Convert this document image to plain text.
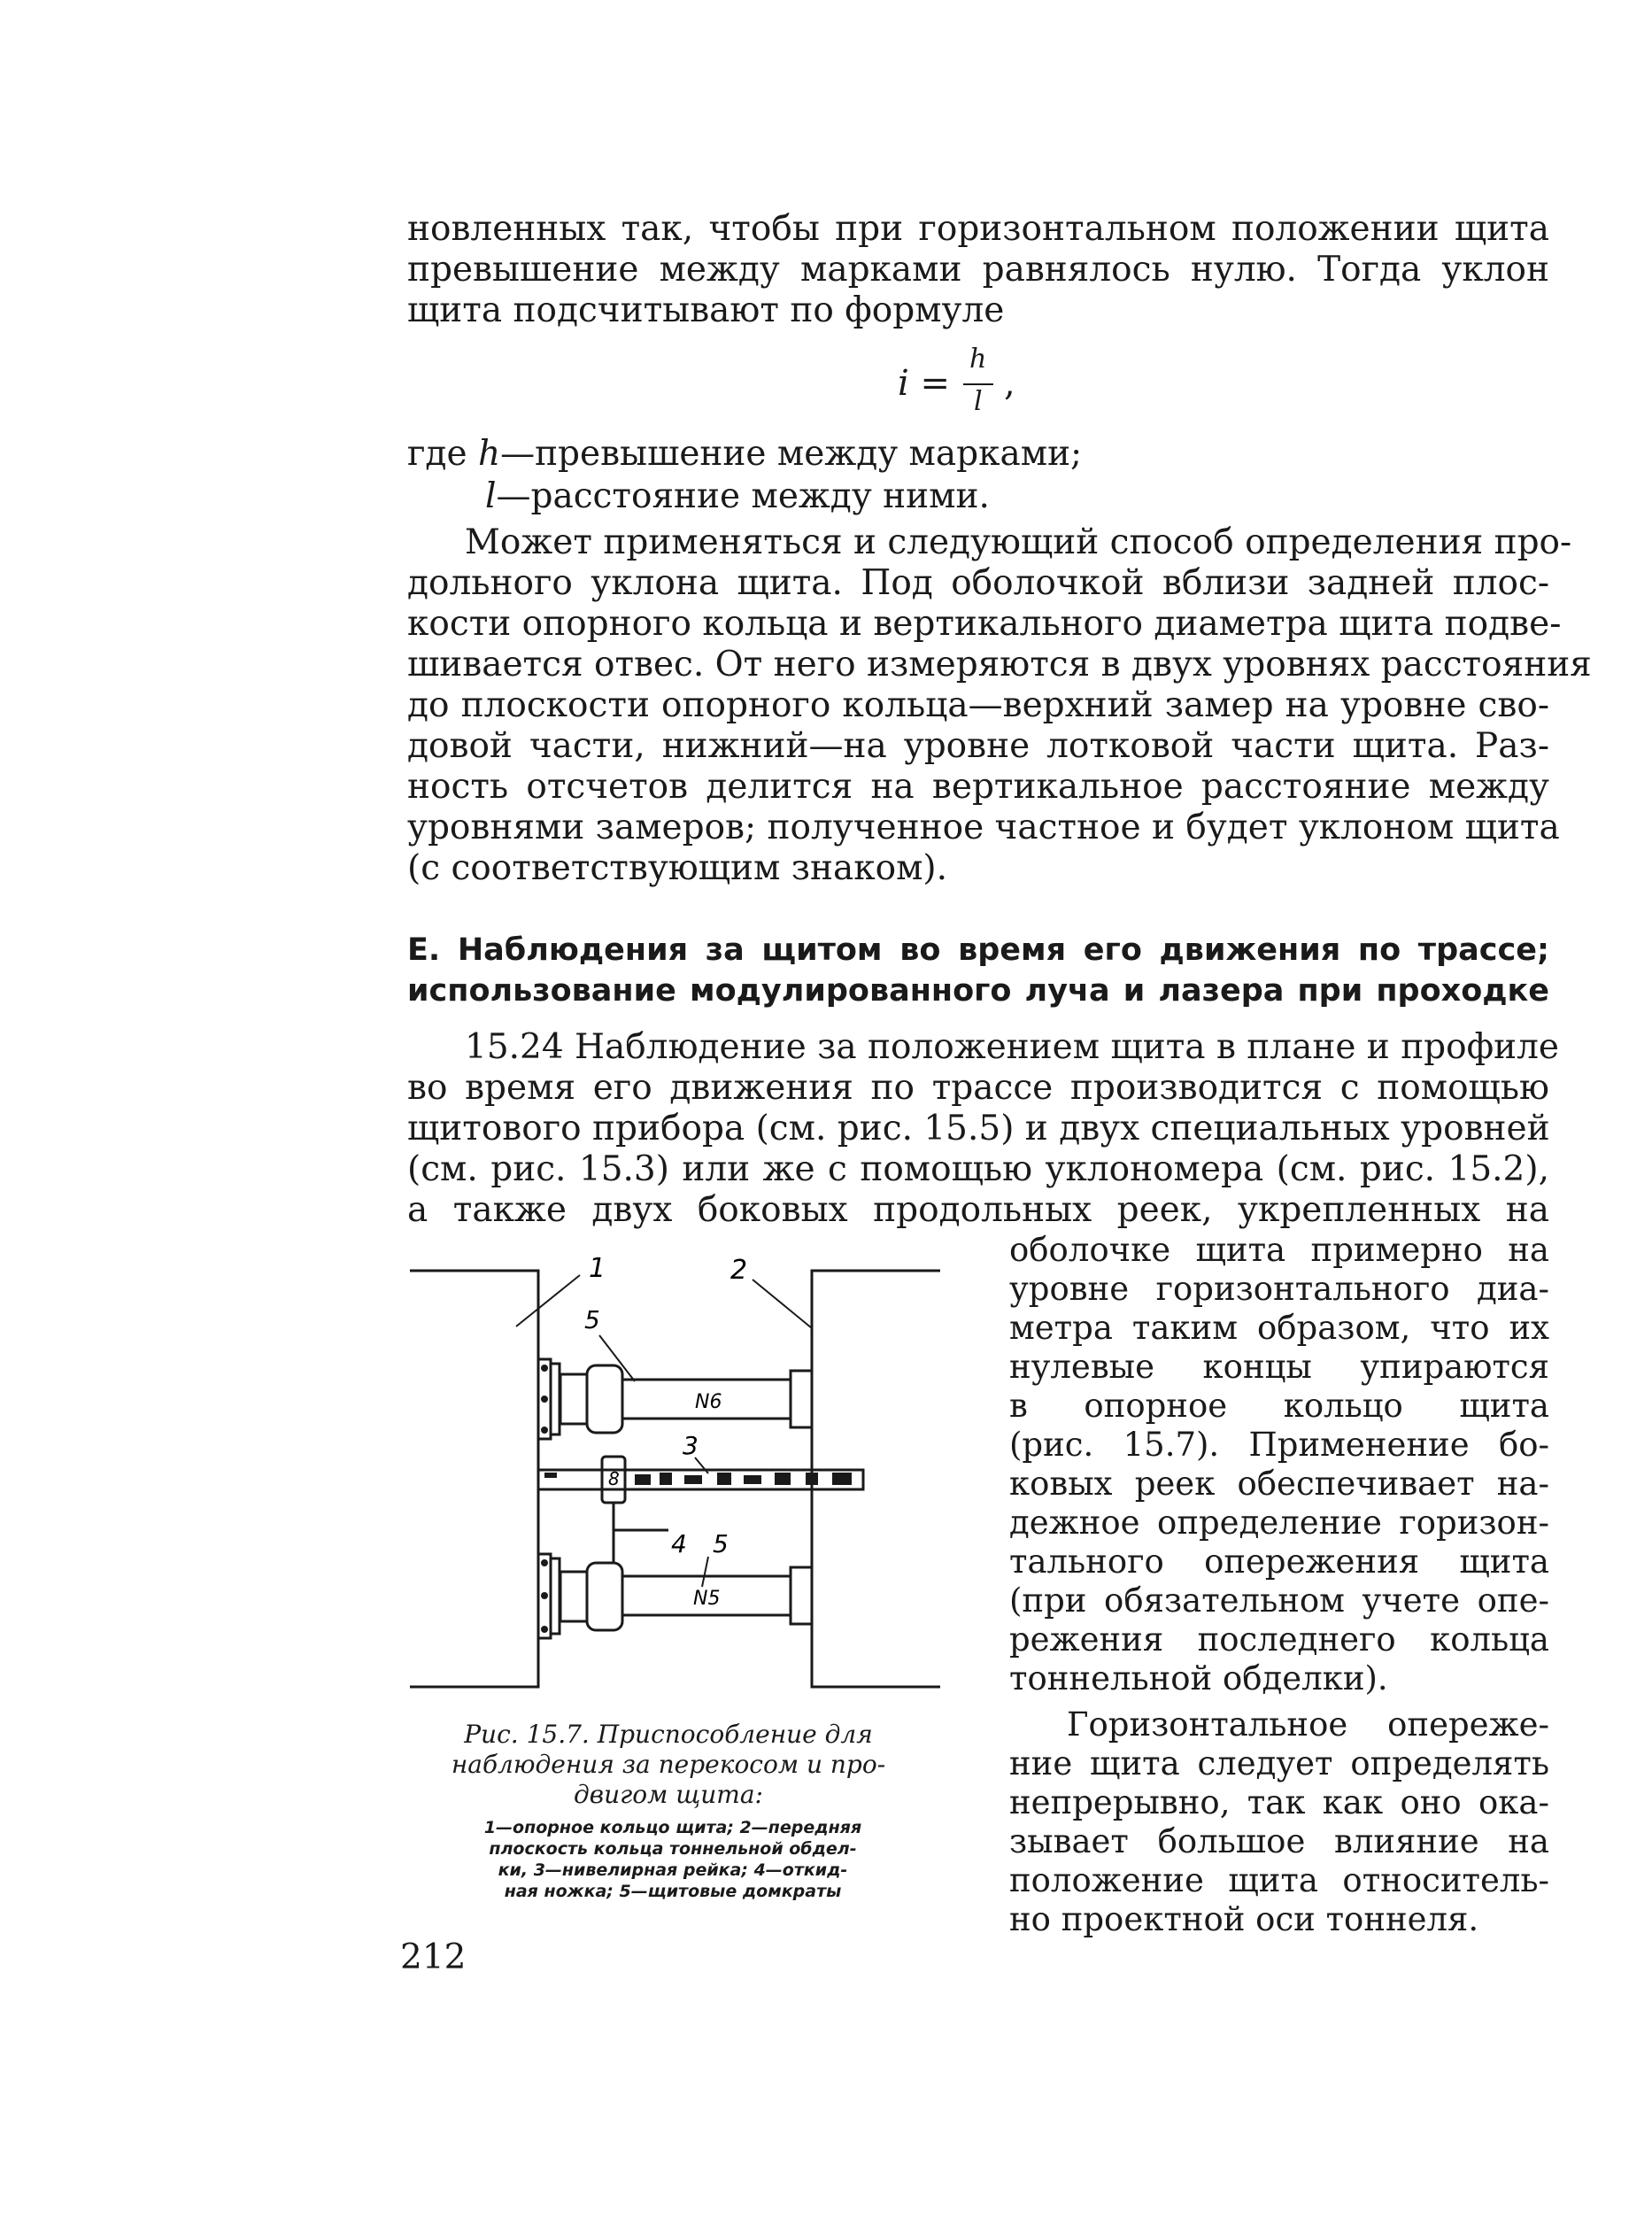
новленных так, чтобы при горизонтальном положении щита
превышение между марками равнялось нулю. Тогда уклон
щита подсчитывают по формуле
i =
h
l ,
где h—превышение между марками;
l—расстояние между ними.
Может применяться и следующий способ определения про-
дольного уклона щита. Под оболочкой вблизи задней плос-
кости опорного кольца и вертикального диаметра щита подве-
шивается отвес. От него измеряются в двух уровнях расстояния
до плоскости опорного кольца—верхний замер на уровне сво-
довой части, нижний—на уровне лотковой части щита. Раз-
ность отсчетов делится на вертикальное расстояние между
уровнями замеров; полученное частное и будет уклоном щита
(с соответствующим знаком).
Е. Наблюдения за щитом во время его движения по трассе;
использование модулированного луча и лазера при проходке
15.24 Наблюдение за положением щита в плане и профиле
во время его движения по трассе производится с помощью
щитового прибора (см. рис. 15.5) и двух специальных уровней
(см. рис. 15.3) или же с помощью уклономера (см. рис. 15.2),
а также двух боковых продольных реек, укрепленных на
оболочке щита примерно на
уровне горизонтального диа-
метра таким образом, что их
нулевые концы упираются
в опорное кольцо щита
(рис. 15.7). Применение бо-
ковых реек обеспечивает на-
дежное определение горизон-
тального опережения щита
(при обязательном учете опе-
режения последнего кольца
тоннельной обделки).
Горизонтальное опереже-
ние щита следует определять
непрерывно, так как оно ока-
зывает большое влияние на
положение щита относитель-
но проектной оси тоннеля.
1	2
5
N6
3
8
4 5
N5
Рис. 15.7. Приспособление для
наблюдения за перекосом и про-
двигом щита:
1—опорное кольцо щита; 2—передняя
плоскость кольца тоннельной обдел-
ки, 3—нивелирная рейка; 4—откид-
ная ножка; 5—щитовые домкраты
212
